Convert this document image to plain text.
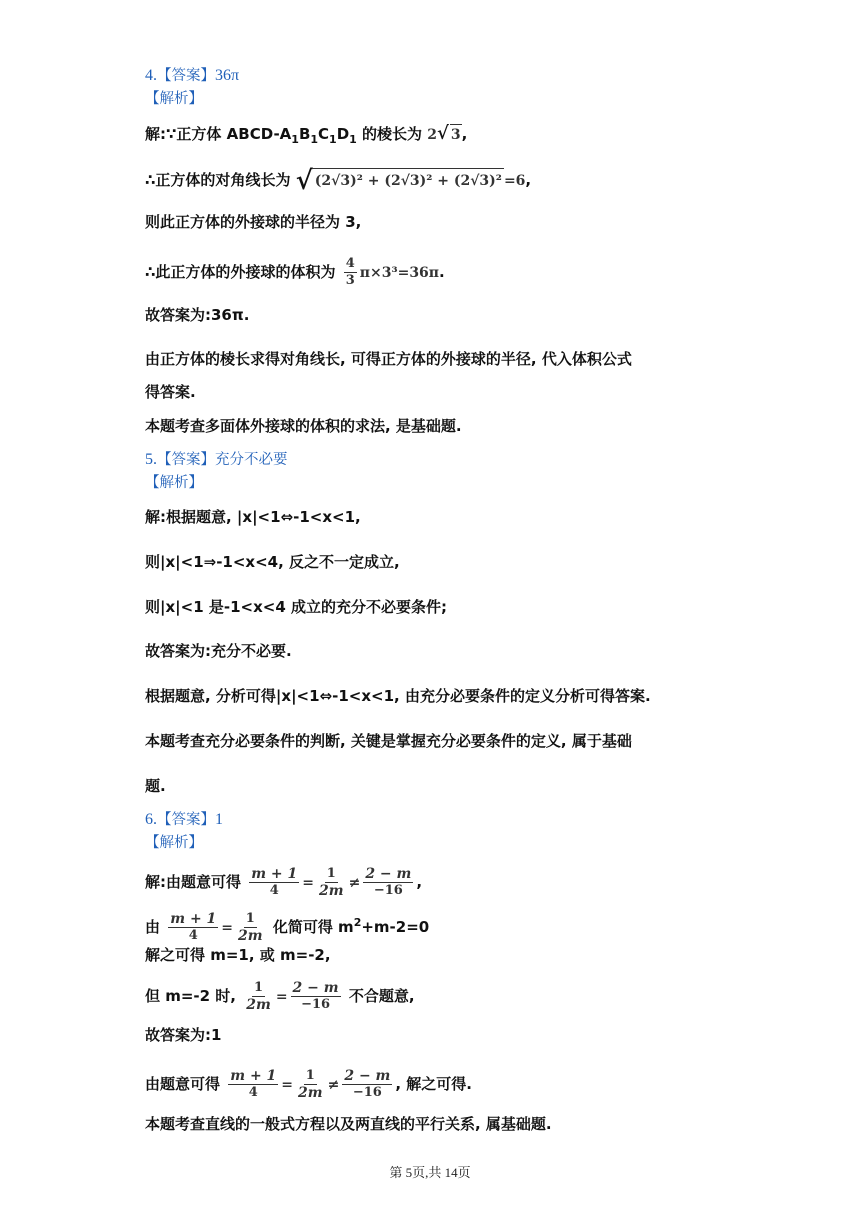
4.【答案】36π
【解析】
解:∵正方体 ABCD-$A_1B_1C_1D_1$ 的棱长为 2√ 3,
∴正方体的对角线长为 √ (2√3)² + (2√3)² + (2√3)² =6,
则此正方体的外接球的半径为 3,
∴此正方体的外接球的体积为 $\frac{4}{3} \pi\times 3^3=36\pi$.
故答案为:36π.
由正方体的棱长求得对角线长, 可得正方体的外接球的半径, 代入体积公式
得答案.
本题考查多面体外接球的体积的求法, 是基础题.
5.【答案】充分不必要
【解析】
解:根据题意, |x|<1⇔-1<x<1,
则|x|<1⇒-1<x<4, 反之不一定成立,
则|x|<1 是-1<x<4 成立的充分不必要条件;
故答案为:充分不必要.
根据题意, 分析可得|x|<1⇔-1<x<1, 由充分必要条件的定义分析可得答案.
本题考查充分必要条件的判断, 关键是掌握充分必要条件的定义, 属于基础
题.
6.【答案】1
【解析】
解:由题意可得 $\frac{m + 1}{4} = \frac{1}{2m} \ne \frac{2 - m}{-16}$ ,
由 $\frac{m + 1}{4} = \frac{1}{2m}$ 化简可得 $m^2+m-2=0$
解之可得 m=1, 或 m=-2,
但 m=-2 时, $\frac{1}{2m} = \frac{2 - m}{-16}$ 不合题意,
故答案为:1
由题意可得 $\frac{m + 1}{4} = \frac{1}{2m} \ne \frac{2 - m}{-16}$ , 解之可得.
本题考查直线的一般式方程以及两直线的平行关系, 属基础题.
第 5页,共 14页
